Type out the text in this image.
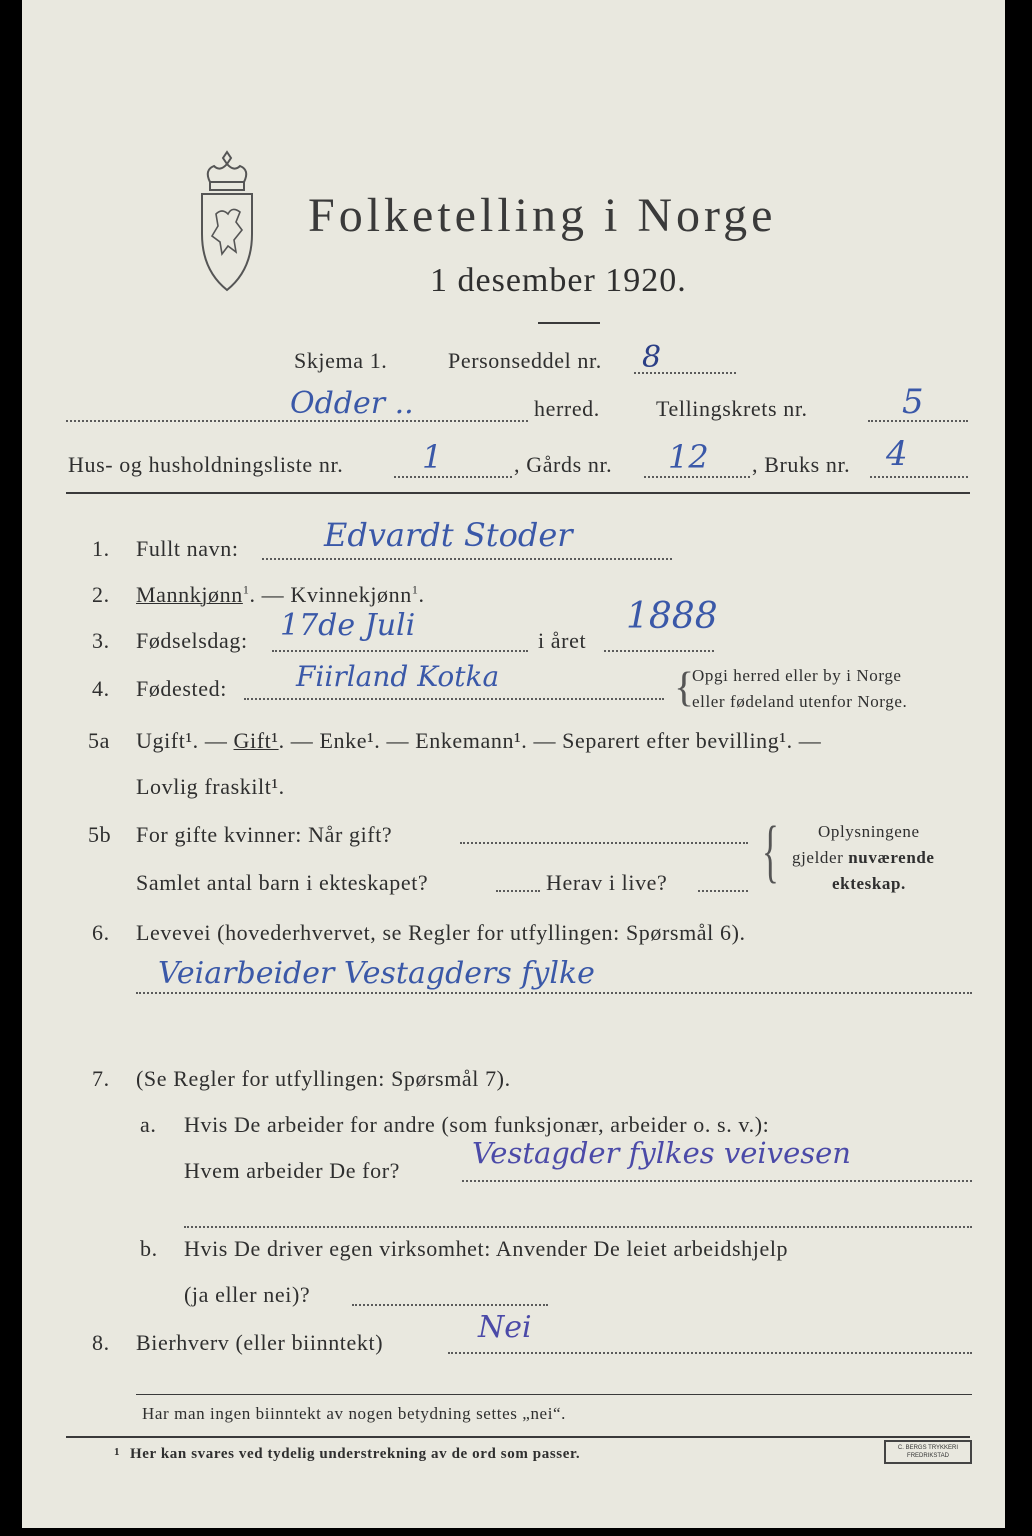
Folketelling i Norge
1 desember 1920.
Skjema 1.	Personseddel nr. 8
Odder ..	herred.	Tellingskrets nr.	5
Hus- og husholdningsliste nr. 1	, Gårds nr. 12 , Bruks nr. 4
1. Fullt navn:	Edvardt Stoder
2. Mannkjønn$^1$. — Kvinnekjønn$^1$.
3. Fødselsdag: 17de Juli	i året
1888
4. Fødested: Fiirland Kotka	{
Opgi herred eller by i Norge
eller fødeland utenfor Norge.
5a Ugift¹. — Gift¹. — Enke¹. — Enkemann¹. — Separert efter bevilling¹. —
Lovlig fraskilt¹.
5b For gifte kvinner: Når gift?
Samlet antal barn i ekteskapet?	Herav i live? { Oplysningene
gjelder nuværende
ekteskap.
6. Levevei (hovederhvervet, se Regler for utfyllingen: Spørsmål 6).
Veiarbeider Vestagders fylke
7. (Se Regler for utfyllingen: Spørsmål 7).
a. Hvis De arbeider for andre (som funksjonær, arbeider o. s. v.):
Hvem arbeider De for?
Vestagder fylkes veivesen
b. Hvis De driver egen virksomhet: Anvender De leiet arbeidshjelp
(ja eller nei)?
8. Bierhverv (eller biinntekt)	Nei
Har man ingen biinntekt av nogen betydning settes „nei“.
1 Her kan svares ved tydelig understrekning av de ord som passer.	C. BERGS TRYKKERI
FREDRIKSTAD
